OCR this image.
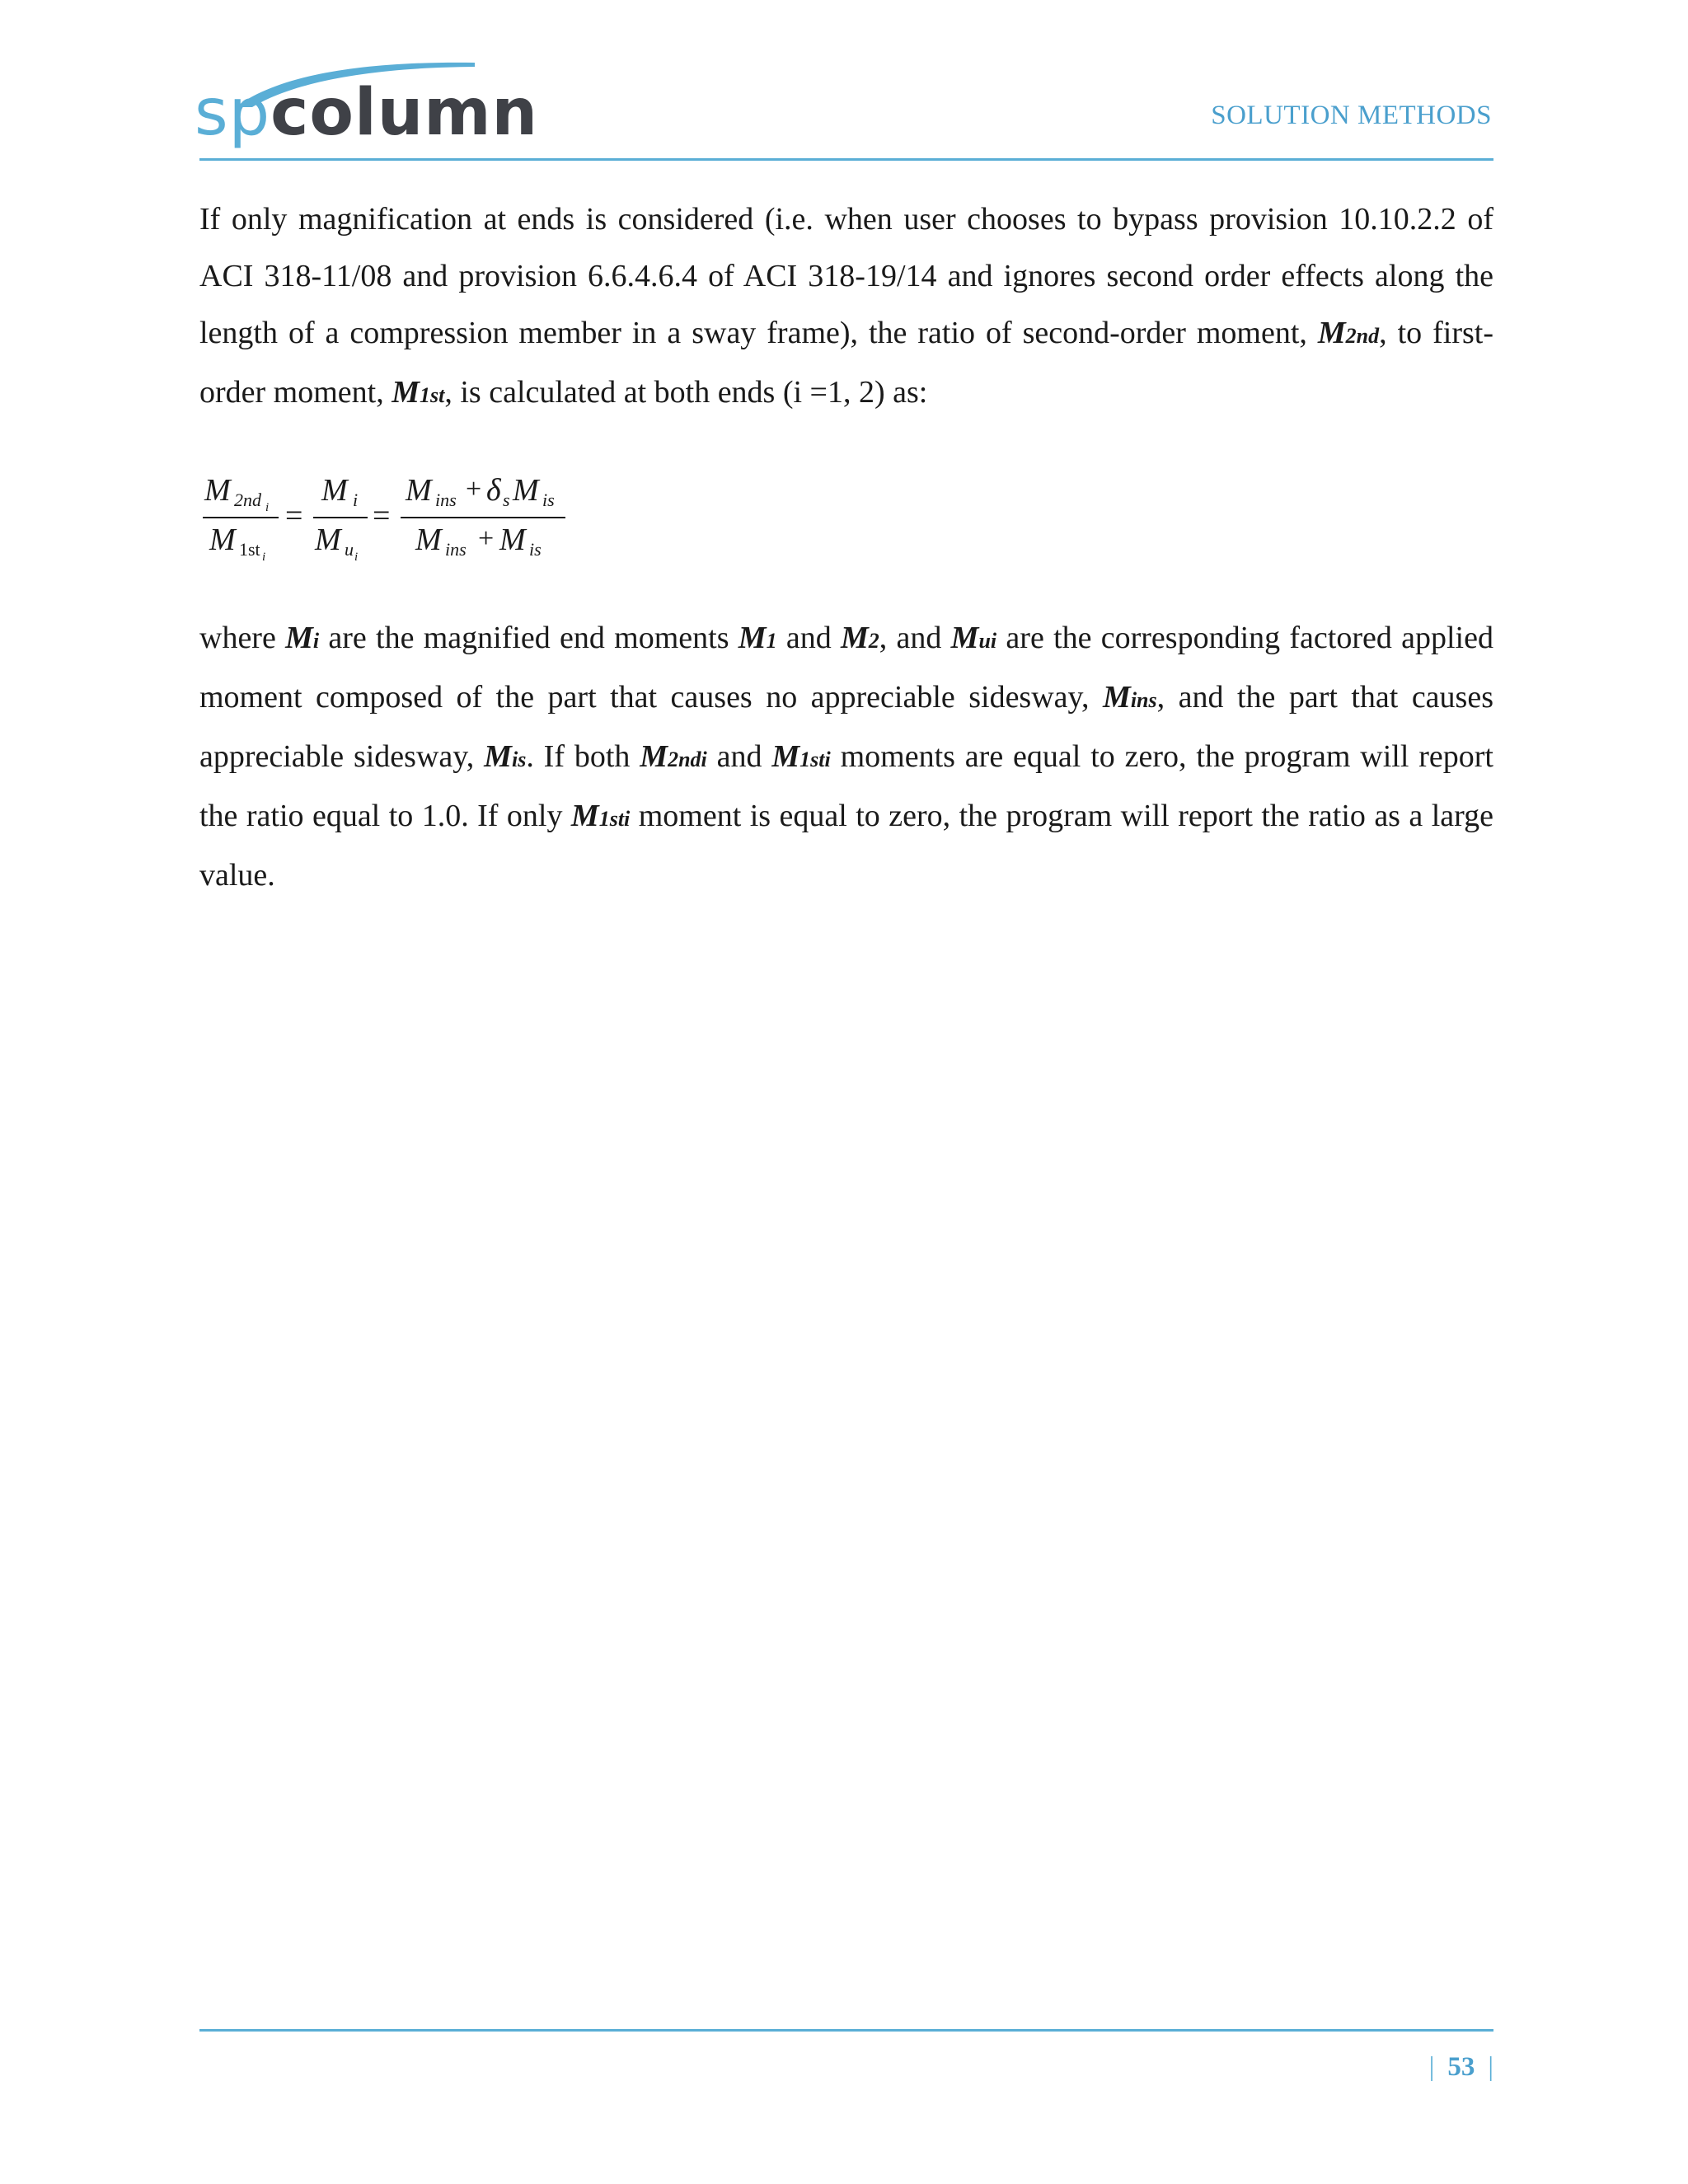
spcolumn	SOLUTION METHODS

If only magnification at ends is considered (i.e. when user chooses to bypass provision 10.10.2.2 of ACI 318-11/08 and provision 6.6.4.6.4 of ACI 318-19/14 and ignores second order effects along the length of a compression member in a sway frame), the ratio of second-order moment, M2nd, to first-order moment, M1st, is calculated at both ends (i =1, 2) as:

M 2nd i
M 1st i
=
M i
M u i
=
M ins + δ s M is
M ins + M is

where Mi are the magnified end moments M1 and M2, and Mui are the corresponding factored applied moment composed of the part that causes no appreciable sidesway, Mins, and the part that causes appreciable sidesway, Mis. If both M2ndi and M1sti moments are equal to zero, the program will report the ratio equal to 1.0. If only M1sti moment is equal to zero, the program will report the ratio as a large value.

| 53 |
